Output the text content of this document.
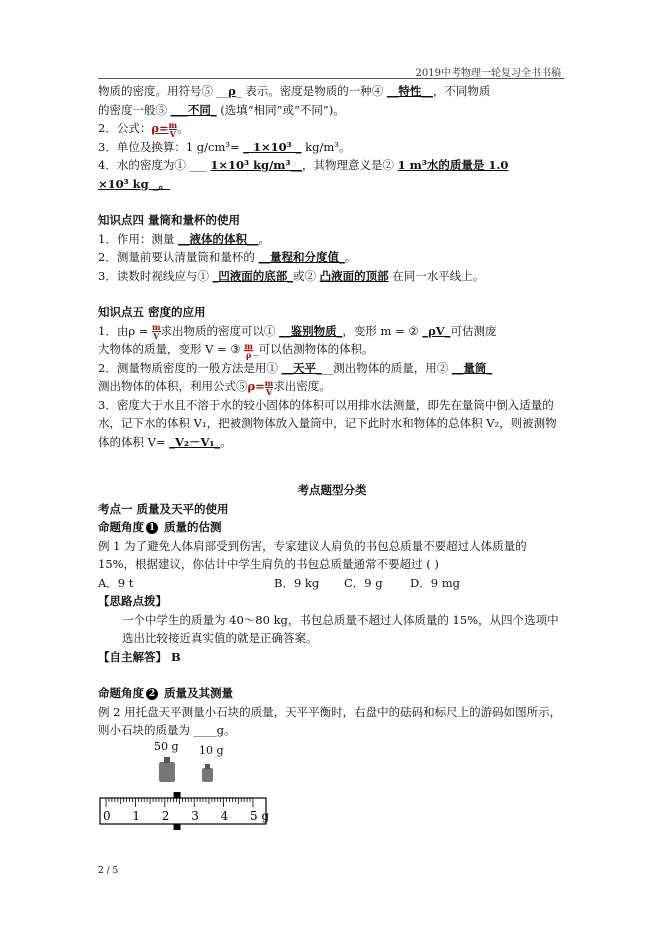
2019中考物理一轮复习全书书稿
物质的密度。用符号⑤ __ρ_ 表示。密度是物质的一种④ __特性__，不同物质
的密度一般⑤ ___不同_ (选填“相同”或“不同”)。
2．公式：$\rho= \frac{m}{V}$ 。
3．单位及换算：1 g/cm³= _ 1×10³ _ kg/m³。
4．水的密度为① ___ 1×10³ kg/m³__，其物理意义是② 1 m³水的质量是 1.0
×10³ kg _。
知识点四 量筒和量杯的使用
1．作用：测量 __液体的体积__。
2．测量前要认清量筒和量杯的 __量程和分度值_。
3．读数时视线应与① _凹液面的底部_或② 凸液面的顶部 在同一水平线上。
知识点五 密度的应用
1．由$\rho = \frac{m}{V}$ 求出物质的密度可以① __鉴别物质_，变形 m = ② _ρV_可估测庞
大物体的质量，变形 V = ③ $\frac{m}{\rho}$ _可以估测物体的体积。
2．测量物质密度的一般方法是用① __天平___测出物体的质量，用② __量筒_
测出物体的体积，利用公式⑤ρ= $\frac{m}{V}$ 求出密度。
3．密度大于水且不溶于水的较小固体的体积可以用排水法测量，即先在量筒中倒入适量的水，记下水的体积 V₁，把被测物体放入量筒中，记下此时水和物体的总体积 V₂，则被测物体的体积 V= _V₂－V₁_。
考点题型分类
考点一 质量及天平的使用
命题角度 1 质量的估测
例 1 为了避免人体肩部受到伤害，专家建议人肩负的书包总质量不要超过人体质量的 15%，根据建议，你估计中学生肩负的书包总质量通常不要超过 ( )
A．9 t	B．9 kg	C．9 g	D．9 mg
【思路点拨】
一个中学生的质量为 40～80 kg，书包总质量不超过人体质量的 15%，从四个选项中选出比较接近真实值的就是正确答案。
【自主解答】 B
命题角度 2 质量及其测量
例 2 用托盘天平测量小石块的质量，天平平衡时，右盘中的砝码和标尺上的游码如图所示，则小石块的质量为 ____g。
50 g 10 g
0 1 2 3 4 5 g
2 / 5
